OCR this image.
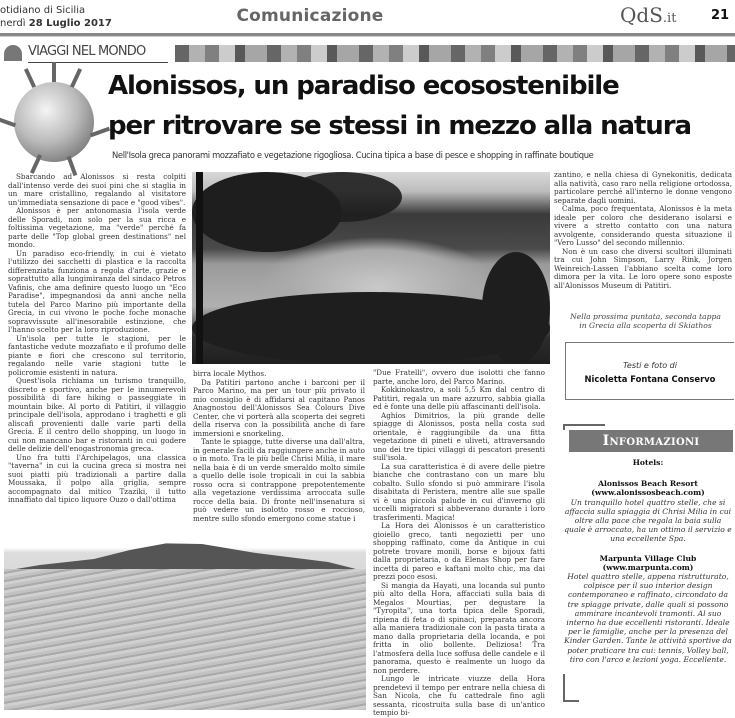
otidiano di Sicilia
nerdì 28 Luglio 2017	Comunicazione	QdS.it	21
VIAGGI NEL MONDO
Alonissos, un paradiso ecosostenibile
per ritrovare se stessi in mezzo alla natura
Nell'Isola greca panorami mozzafiato e vegetazione rigogliosa. Cucina tipica a base di pesce e shopping in raffinate boutique

Sbarcando ad Alonissos si resta colpiti dall'intenso verde dei suoi pini che si staglia in un mare cristallino, regalando al visitatore un'immediata sensazione di pace e "good vibes".

Alonissos è per antonomasia l'isola verde delle Sporadi, non solo per la sua ricca e foltissima vegetazione, ma "verde" perché fa parte delle "Top global green destinations" nel mondo.

Un paradiso eco-friendly, in cui è vietato l'utilizzo dei sacchetti di plastica e la raccolta differenziata funziona a regola d'arte, grazie e soprattutto alla lungimiranza del sindaco Petros Vafinis, che ama definire questo luogo un "Eco Paradise", impegnandosi da anni anche nella tutela del Parco Marino più importante della Grecia, in cui vivono le poche foche monache sopravvissute all'inesorabile estinzione, che l'hanno scelto per la loro riproduzione.

Un'isola per tutte le stagioni, per le fantastiche vedute mozzafiato e il profumo delle piante e fiori che crescono sul territorio, regalando nelle varie stagioni tutte le policromie esistenti in natura.

Quest'isola richiama un turismo tranquillo, discreto e sportivo, anche per le innumerevoli possibilità di fare hiking o passeggiate in mountain bike. Al porto di Patitiri, il villaggio principale dell'isola, approdano i traghetti e gli aliscafi provenienti dalle varie parti della Grecia. È il centro dello shopping, un luogo in cui non mancano bar e ristoranti in cui godere delle delizie dell'enogastronomia greca.

Uno fra tutti l'Archipelagos, una classica "taverna" in cui la cucina greca si mostra nei suoi piatti più tradizionali a partire dalla Moussaka, il polpo alla griglia, sempre accompagnato dal mitico Tzaziki, il tutto innaffiato dal tipico liquore Ouzo o dall'ottima

birra locale Mythos.

Da Patitiri partono anche i barconi per il Parco Marino, ma per un tour più privato il mio consiglio è di affidarsi al capitano Panos Anagnostou dell'Alonissos Sea Colours Dive Center, che vi porterà alla scoperta dei segreti della riserva con la possibilità anche di fare immersioni e snorkeling.

Tante le spiagge, tutte diverse una dall'altra, in generale facili da raggiungere anche in auto o in moto. Tra le più belle Chrisi Milià, il mare nella baia è di un verde smeraldo molto simile a quello delle isole tropicali in cui la sabbia rosso ocra si contrappone prepotentemente alla vegetazione verdissima arroccata sulle rocce della baia. Di fronte nell'insenatura si può vedere un isolotto rosso e roccioso, mentre sullo sfondo emergono come statue i

"Due Fratelli", ovvero due isolotti che fanno parte, anche loro, del Parco Marino.

Kokkinokastro, a soli 5,5 Km dal centro di Patitiri, regala un mare azzurro, sabbia gialla ed è fonte una delle più affascinanti dell'isola.

Aghios Dimitrios, la più grande delle spiagge di Alonissos, posta nella costa sud orientale, è raggiungibile da una fitta vegetazione di pineti e uliveti, attraversando uno dei tre tipici villaggi di pescatori presenti sull'isola.

La sua caratteristica è di avere delle pietre bianche che contrastano con un mare blu cobalto. Sullo sfondo si può ammirare l'isola disabitata di Peristera, mentre alle sue spalle vi è una piccola palude in cui d'inverno gli uccelli migratori si abbeverano durante i loro trasferimenti. Magica!

La Hora dei Alonissos è un caratteristico gioiello greco, tanti negozietti per uno shopping raffinato, come da Antique in cui potrete trovare monili, borse e bijoux fatti dalla proprietaria, o da Elenas Shop per fare incetta di pareo e kaftani molto chic, ma dai prezzi poco esosi.

Si mangia da Hayati, una locanda sul punto più alto della Hora, affacciati sulla baia di Megalos Mourtias, per degustare la "Tyropita", una torta tipica delle Sporadi, ripiena di feta o di spinaci, preparata ancora alla maniera tradizionale con la pasta tirata a mano dalla proprietaria della locanda, e poi fritta in olio bollente. Deliziosa! Tra l'atmosfera della luce soffusa delle candele e il panorama, questo è realmente un luogo da non perdere.

Lungo le intricate viuzze della Hora prendetevi il tempo per entrare nella chiesa di San Nicola, che fu cattedrale fino agli sessanta, ricostruita sulla base di un'antico tempio bi-

zantino, e nella chiesa di Gynekonitis, dedicata alla natività, caso raro nella religione ortodossa, particolare perché all'interno le donne vengono separate dagli uomini.

Calma, poco frequentata, Alonissos è la meta ideale per coloro che desiderano isolarsi e vivere a stretto contatto con una natura avvolgente, considerando questa situazione il "Vero Lusso" del secondo millennio.

Non è un caso che diversi scultori illuminati tra cui John Simpson, Larry Rink, Jorgen Weinreich-Lassen l'abbiano scelta come loro dimora per la vita. Le loro opere sono esposte all'Alonissos Museum di Patitiri.

Nella prossima puntata, seconda tappa
in Grecia alla scoperta di Skiathos
Testi e foto di
Nicoletta Fontana Conservo
Informazioni
Hotels:
Alonissos Beach Resort
(www.alonissosbeach.com)
Un tranquillo hotel quattro stelle, che si affaccia sulla spiaggia di Chrisi Milia in cui oltre alla pace che regala la baia sulla quale è arroccato, ha un ottimo il servizio e una eccellente Spa.
Marpunta Village Club
(www.marpunta.com)
Hotel quattro stelle, appena ristrutturato, colpisce per il suo interior design contemporaneo e raffinato, circondato da tre spiagge private, dalle quali si possono ammirare incantevoli tramonti. Al suo interno ha due eccellenti ristoranti. Ideale per le famiglie, anche per la presenza del Kinder Garden. Tante le attività sportive da poter praticare tra cui: tennis, Volley ball, tiro con l'arco e lezioni yoga. Eccellente.
